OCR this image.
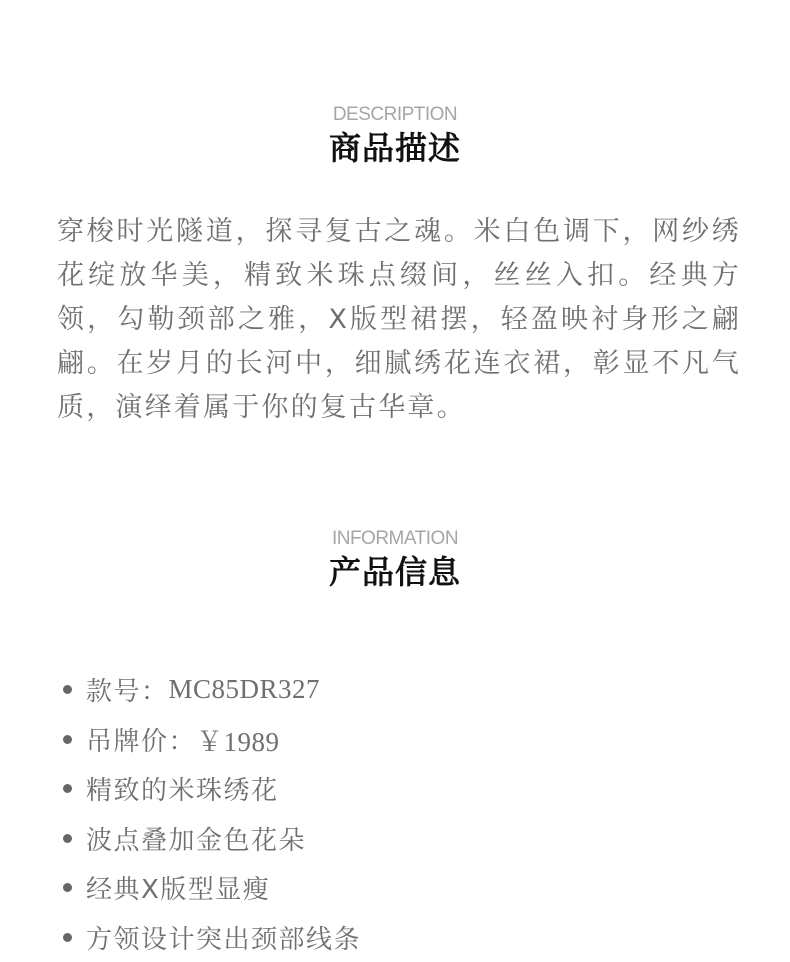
DESCRIPTION
商品描述

穿梭时光隧道，探寻复古之魂。米白色调下，网纱绣花绽放华美，精致米珠点缀间，丝丝入扣。经典方领，勾勒颈部之雅，X版型裙摆，轻盈映衬身形之翩翩。在岁月的长河中，细腻绣花连衣裙，彰显不凡气质，演绎着属于你的复古华章。

INFORMATION
产品信息
款号： MC85DR327
吊牌价： ￥1989
精致的米珠绣花
波点叠加金色花朵
经典X版型显瘦
方领设计突出颈部线条
